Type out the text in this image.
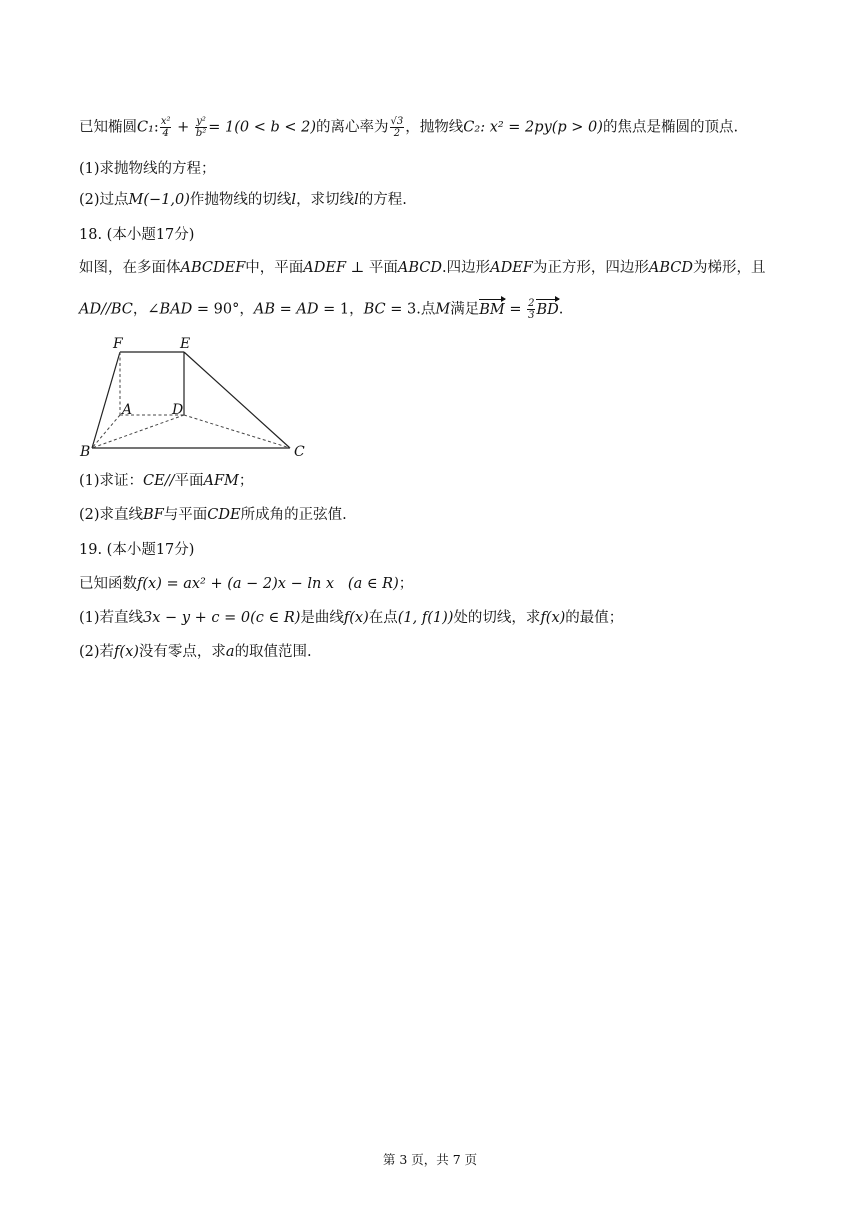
已知椭圆C₁: $\frac{\text{x²}}{4} + \frac{\text{y²}}{\text{b²}} = 1(0 < b < 2)$的离心率为 $\frac{√3}{2}$ ，抛物线C₂: x² = 2py(p > 0)的焦点是椭圆的顶点.
(1)求抛物线的方程；
(2)过点M(−1,0)作抛物线的切线l，求切线l的方程.
18. (本小题17分)
如图，在多面体ABCDEF中，平面ADEF ⊥ 平面ABCD.四边形ADEF为正方形，四边形ABCD为梯形，且
AD//BC，∠BAD = 90°，AB = AD = 1，BC = 3.点M满足BM = $\frac{2}{3}$ BD.
F	E
A	D
B	C
(1)求证：CE//平面AFM；
(2)求直线BF与平面CDE所成角的正弦值.
19. (本小题17分)
已知函数f(x) = ax² + (a − 2)x − ln x (a ∈ R)；
(1)若直线3x − y + c = 0(c ∈ R)是曲线f(x)在点(1, f(1))处的切线，求f(x)的最值；
(2)若f(x)没有零点，求a的取值范围.
第 3 页，共 7 页
